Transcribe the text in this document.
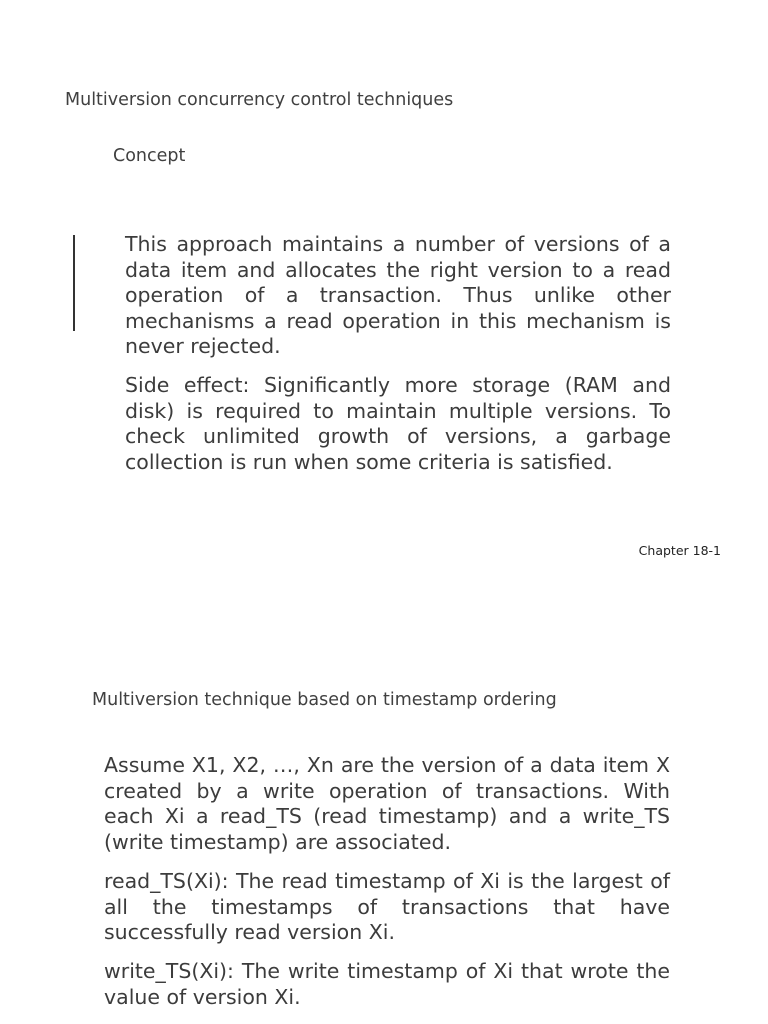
Multiversion concurrency control techniques
Concept

This approach maintains a number of versions of a data item and allocates the right version to a read operation of a transaction. Thus unlike other mechanisms a read operation in this mechanism is never rejected.

Side effect: Significantly more storage (RAM and disk) is required to maintain multiple versions. To check unlimited growth of versions, a garbage collection is run when some criteria is satisfied.

Chapter 18-1
Multiversion technique based on timestamp ordering

Assume X1, X2, …, Xn are the version of a data item X created by a write operation of transactions. With each Xi a read_TS (read timestamp) and a write_TS (write timestamp) are associated.

read_TS(Xi): The read timestamp of Xi is the largest of all the timestamps of transactions that have successfully read version Xi.

write_TS(Xi): The write timestamp of Xi that wrote the value of version Xi.
